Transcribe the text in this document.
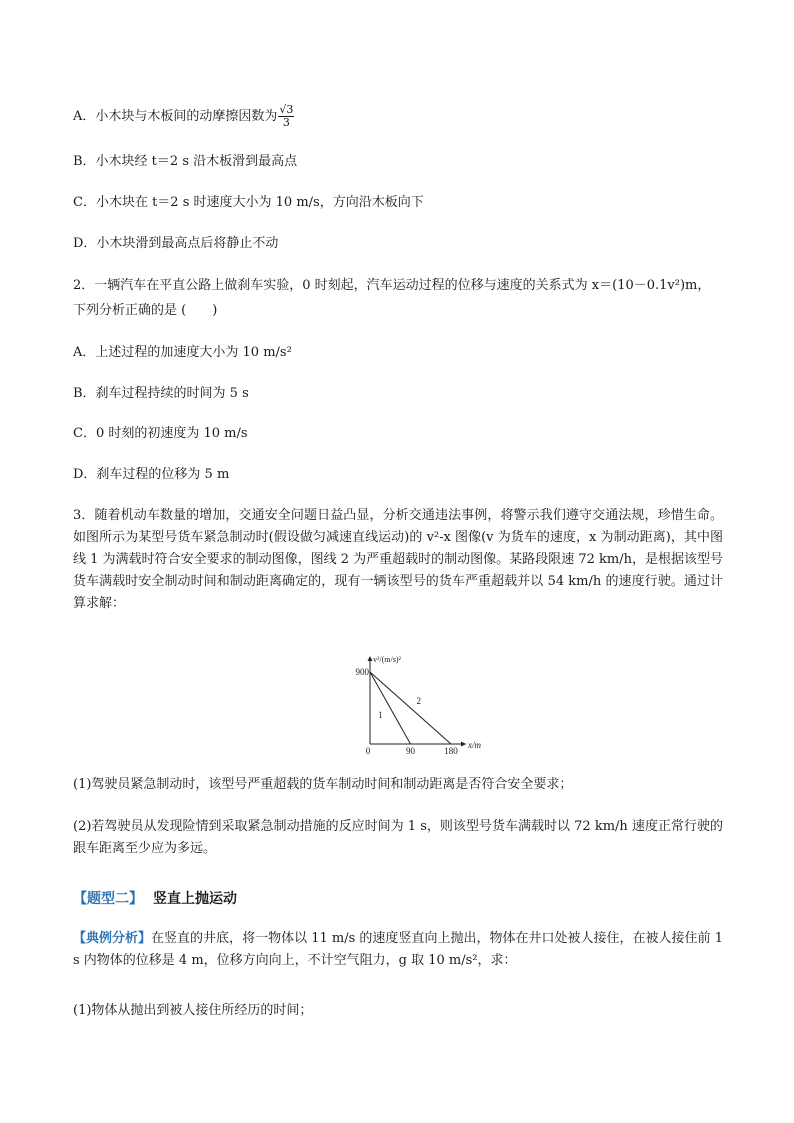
A．小木块与木板间的动摩擦因数为 $\frac{√3}{3}$
B．小木块经 t＝2 s 沿木板滑到最高点
C．小木块在 t＝2 s 时速度大小为 10 m/s，方向沿木板向下
D．小木块滑到最高点后将静止不动
2．一辆汽车在平直公路上做刹车实验，0 时刻起，汽车运动过程的位移与速度的关系式为 x＝(10－0.1v²)m，
下列分析正确的是 (　　)
A．上述过程的加速度大小为 10 m/s²
B．刹车过程持续的时间为 5 s
C．0 时刻的初速度为 10 m/s
D．刹车过程的位移为 5 m
3．随着机动车数量的增加，交通安全问题日益凸显，分析交通违法事例，将警示我们遵守交通法规，珍惜生命。如图所示为某型号货车紧急制动时(假设做匀减速直线运动)的 v²-x 图像(v 为货车的速度，x 为制动距离)，其中图线 1 为满载时符合安全要求的制动图像，图线 2 为严重超载时的制动图像。某路段限速 72 km/h，是根据该型号货车满载时安全制动时间和制动距离确定的，现有一辆该型号的货车严重超载并以 54 km/h 的速度行驶。通过计算求解：
1
2
900
90	180
0
x/m
v²/(m/s)²
(1)驾驶员紧急制动时，该型号严重超载的货车制动时间和制动距离是否符合安全要求；
(2)若驾驶员从发现险情到采取紧急制动措施的反应时间为 1 s，则该型号货车满载时以 72 km/h 速度正常行驶的跟车距离至少应为多远。
【题型二】 竖直上抛运动
【典例分析】在竖直的井底，将一物体以 11 m/s 的速度竖直向上抛出，物体在井口处被人接住，在被人接住前 1 s 内物体的位移是 4 m，位移方向向上，不计空气阻力，g 取 10 m/s²，求：
(1)物体从抛出到被人接住所经历的时间；
